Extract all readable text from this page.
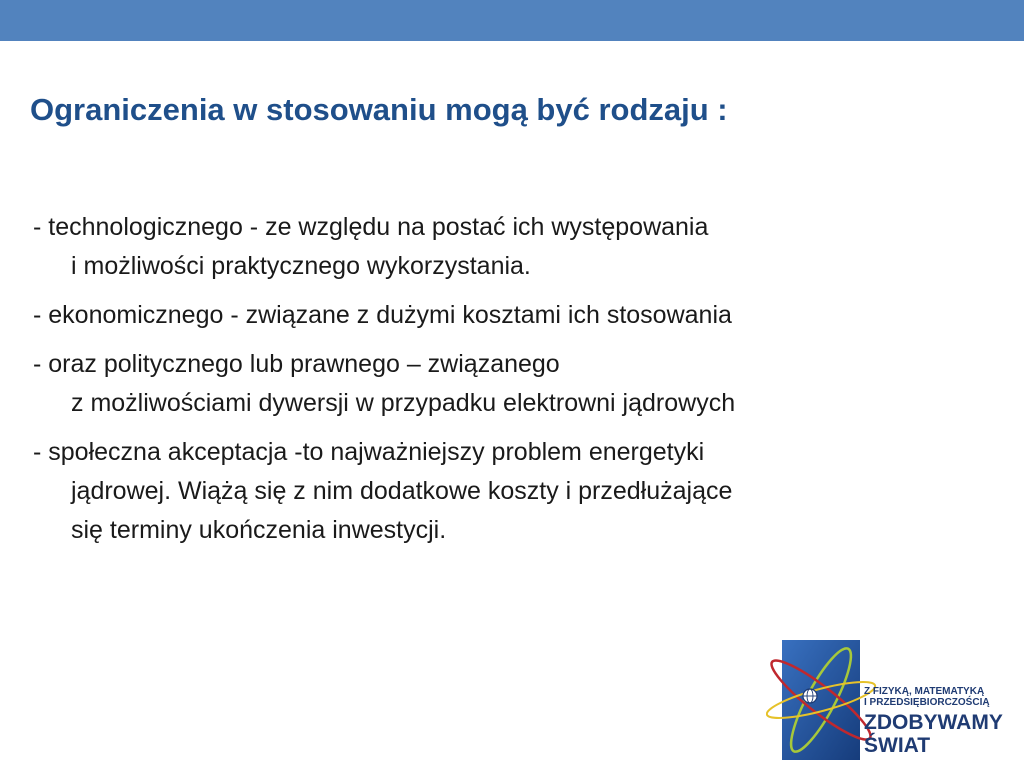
Ograniczenia w stosowaniu mogą być rodzaju :
- technologicznego - ze względu na postać ich występowania
i możliwości praktycznego wykorzystania.
- ekonomicznego - związane z dużymi kosztami ich stosowania
- oraz politycznego lub prawnego – związanego
z możliwościami dywersji w przypadku elektrowni jądrowych
- społeczna akceptacja -to najważniejszy problem energetyki
jądrowej. Wiążą się z nim dodatkowe koszty i przedłużające
się terminy ukończenia inwestycji.
Z FIZYKĄ, MATEMATYKĄ
I PRZEDSIĘBIORCZOŚCIĄ
ZDOBYWAMY
ŚWIAT
